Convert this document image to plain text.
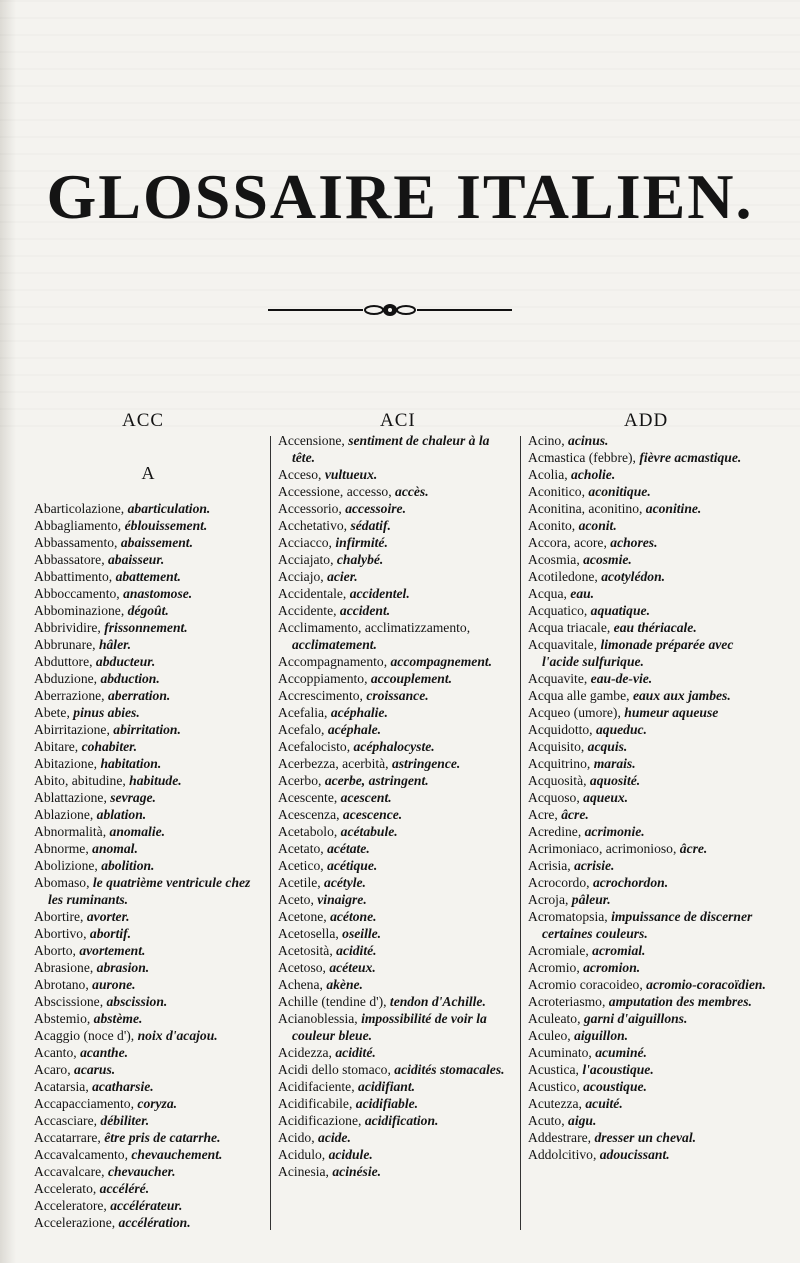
GLOSSAIRE ITALIEN.
ACC	ACI	ADD
A
Abarticolazione, abarticulation.
Abbagliamento, éblouissement.
Abbassamento, abaissement.
Abbassatore, abaisseur.
Abbattimento, abattement.
Abboccamento, anastomose.
Abbominazione, dégoût.
Abbrividire, frissonnement.
Abbrunare, hâler.
Abduttore, abducteur.
Abduzione, abduction.
Aberrazione, aberration.
Abete, pinus abies.
Abirritazione, abirritation.
Abitare, cohabiter.
Abitazione, habitation.
Abito, abitudine, habitude.
Ablattazione, sevrage.
Ablazione, ablation.
Abnormalità, anomalie.
Abnorme, anomal.
Abolizione, abolition.
Abomaso, le quatrième ventricule chez les ruminants.
Abortire, avorter.
Abortivo, abortif.
Aborto, avortement.
Abrasione, abrasion.
Abrotano, aurone.
Abscissione, abscission.
Abstemio, abstème.
Acaggio (noce d'), noix d'acajou.
Acanto, acanthe.
Acaro, acarus.
Acatarsia, acatharsie.
Accapacciamento, coryza.
Accasciare, débiliter.
Accatarrare, être pris de catarrhe.
Accavalcamento, chevauchement.
Accavalcare, chevaucher.
Accelerato, accéléré.
Acceleratore, accélérateur.
Accelerazione, accélération.
Accensione, sentiment de chaleur à la tête.
Acceso, vultueux.
Accessione, accesso, accès.
Accessorio, accessoire.
Acchetativo, sédatif.
Acciacco, infirmité.
Acciajato, chalybé.
Acciajo, acier.
Accidentale, accidentel.
Accidente, accident.
Acclimamento, acclimatizzamento, acclimatement.
Accompagnamento, accompagnement.
Accoppiamento, accouplement.
Accrescimento, croissance.
Acefalia, acéphalie.
Acefalo, acéphale.
Acefalocisto, acéphalocyste.
Acerbezza, acerbità, astringence.
Acerbo, acerbe, astringent.
Acescente, acescent.
Acescenza, acescence.
Acetabolo, acétabule.
Acetato, acétate.
Acetico, acétique.
Acetile, acétyle.
Aceto, vinaigre.
Acetone, acétone.
Acetosella, oseille.
Acetosità, acidité.
Acetoso, acéteux.
Achena, akène.
Achille (tendine d'), tendon d'Achille.
Acianoblessia, impossibilité de voir la couleur bleue.
Acidezza, acidité.
Acidi dello stomaco, acidités stomacales.
Acidifaciente, acidifiant.
Acidificabile, acidifiable.
Acidificazione, acidification.
Acido, acide.
Acidulo, acidule.
Acinesia, acinésie.
Acino, acinus.
Acmastica (febbre), fièvre acmastique.
Acolia, acholie.
Aconitico, aconitique.
Aconitina, aconitino, aconitine.
Aconito, aconit.
Accora, acore, achores.
Acosmia, acosmie.
Acotiledone, acotylédon.
Acqua, eau.
Acquatico, aquatique.
Acqua triacale, eau thériacale.
Acquavitale, limonade préparée avec l'acide sulfurique.
Acquavite, eau-de-vie.
Acqua alle gambe, eaux aux jambes.
Acqueo (umore), humeur aqueuse
Acquidotto, aqueduc.
Acquisito, acquis.
Acquitrino, marais.
Acquosità, aquosité.
Acquoso, aqueux.
Acre, âcre.
Acredine, acrimonie.
Acrimoniaco, acrimonioso, âcre.
Acrisia, acrisie.
Acrocordo, acrochordon.
Acroja, pâleur.
Acromatopsia, impuissance de discerner certaines couleurs.
Acromiale, acromial.
Acromio, acromion.
Acromio coracoideo, acromio-coracoïdien.
Acroteriasmo, amputation des membres.
Aculeato, garni d'aiguillons.
Aculeo, aiguillon.
Acuminato, acuminé.
Acustica, l'acoustique.
Acustico, acoustique.
Acutezza, acuité.
Acuto, aigu.
Addestrare, dresser un cheval.
Addolcitivo, adoucissant.
